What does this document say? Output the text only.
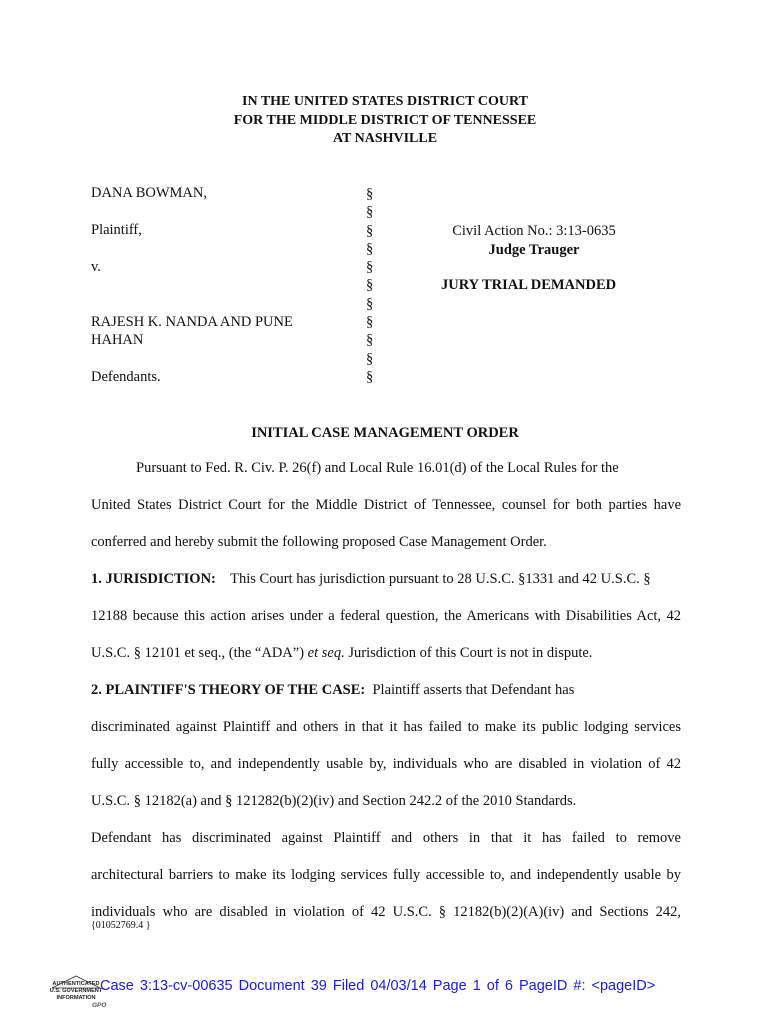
IN THE UNITED STATES DISTRICT COURT
FOR THE MIDDLE DISTRICT OF TENNESSEE
AT NASHVILLE
DANA BOWMAN,
Plaintiff,
v.
RAJESH K. NANDA AND PUNE
HAHAN
Defendants.
§
§
§
§
§
§
§
§
§
§
§
Civil Action No.: 3:13-0635
Judge Trauger
JURY TRIAL DEMANDED
INITIAL CASE MANAGEMENT ORDER
Pursuant to Fed. R. Civ. P. 26(f) and Local Rule 16.01(d) of the Local Rules for the
United States District Court for the Middle District of Tennessee, counsel for both parties have
conferred and hereby submit the following proposed Case Management Order.
1. JURISDICTION: This Court has jurisdiction pursuant to 28 U.S.C. §1331 and 42 U.S.C. §
12188 because this action arises under a federal question, the Americans with Disabilities Act, 42
U.S.C. § 12101 et seq., (the “ADA”) et seq. Jurisdiction of this Court is not in dispute.
2. PLAINTIFF'S THEORY OF THE CASE: Plaintiff asserts that Defendant has
discriminated against Plaintiff and others in that it has failed to make its public lodging services
fully accessible to, and independently usable by, individuals who are disabled in violation of 42
U.S.C. § 12182(a) and § 121282(b)(2)(iv) and Section 242.2 of the 2010 Standards.
Defendant has discriminated against Plaintiff and others in that it has failed to remove
architectural barriers to make its lodging services fully accessible to, and independently usable by
individuals who are disabled in violation of 42 U.S.C. § 12182(b)(2)(A)(iv) and Sections 242,
{01052769.4 }
AUTHENTICATED
U.S. GOVERNMENT
INFORMATION
GPO
Case 3:13-cv-00635 Document 39 Filed 04/03/14 Page 1 of 6 PageID #: <pageID>
